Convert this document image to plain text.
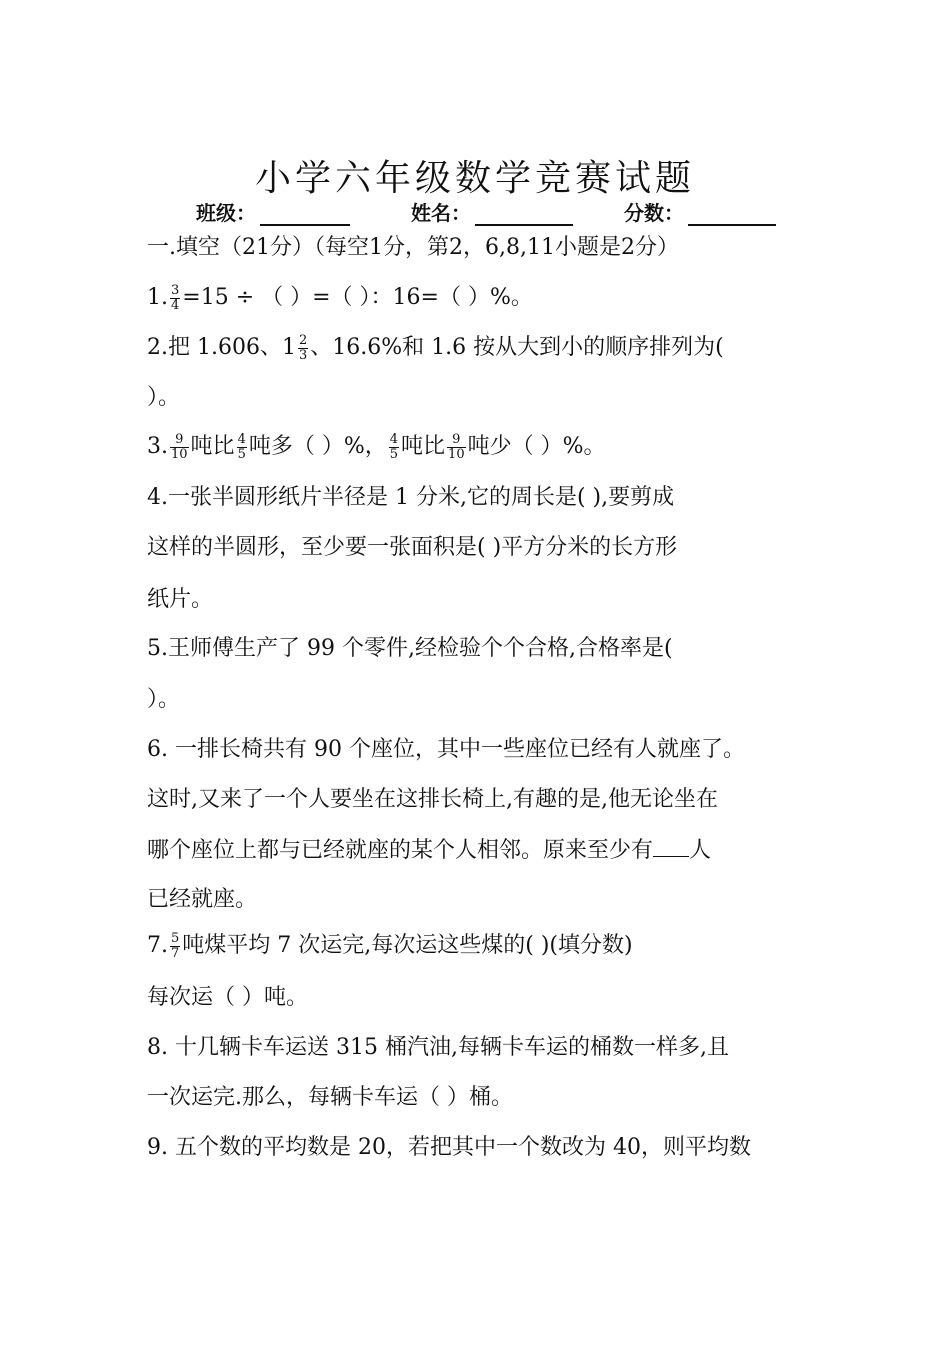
小学六年级数学竞赛试题
班级：	姓名：	分数：
一.填空（21分）（每空1分，第2，6,8,11小题是2分）
1. $\frac{3}{4} =15$ ÷ （ ）=（ ）：16=（ ）%。
2.把 1.606、$1 \frac{2}{3}$ 、16.6%和 1.6 按从大到小的顺序排列为(
）。
3. $\frac{9}{10}$ 吨比 $\frac{4}{5}$ 吨多（ ）%， $\frac{4}{5}$ 吨比 $\frac{9}{10}$ 吨少（ ）%。
4.一张半圆形纸片半径是 1 分米,它的周长是( ),要剪成
这样的半圆形，至少要一张面积是( )平方分米的长方形
纸片。
5.王师傅生产了 99 个零件,经检验个个合格,合格率是(
）。
6. 一排长椅共有 90 个座位，其中一些座位已经有人就座了。
这时,又来了一个人要坐在这排长椅上,有趣的是,他无论坐在
哪个座位上都与已经就座的某个人相邻。原来至少有 人
已经就座。
7. $\frac{5}{7}$ 吨煤平均 7 次运完,每次运这些煤的( )(填分数)
每次运（ ）吨。
8. 十几辆卡车运送 315 桶汽油,每辆卡车运的桶数一样多,且
一次运完.那么，每辆卡车运（ ）桶。
9. 五个数的平均数是 20，若把其中一个数改为 40，则平均数
